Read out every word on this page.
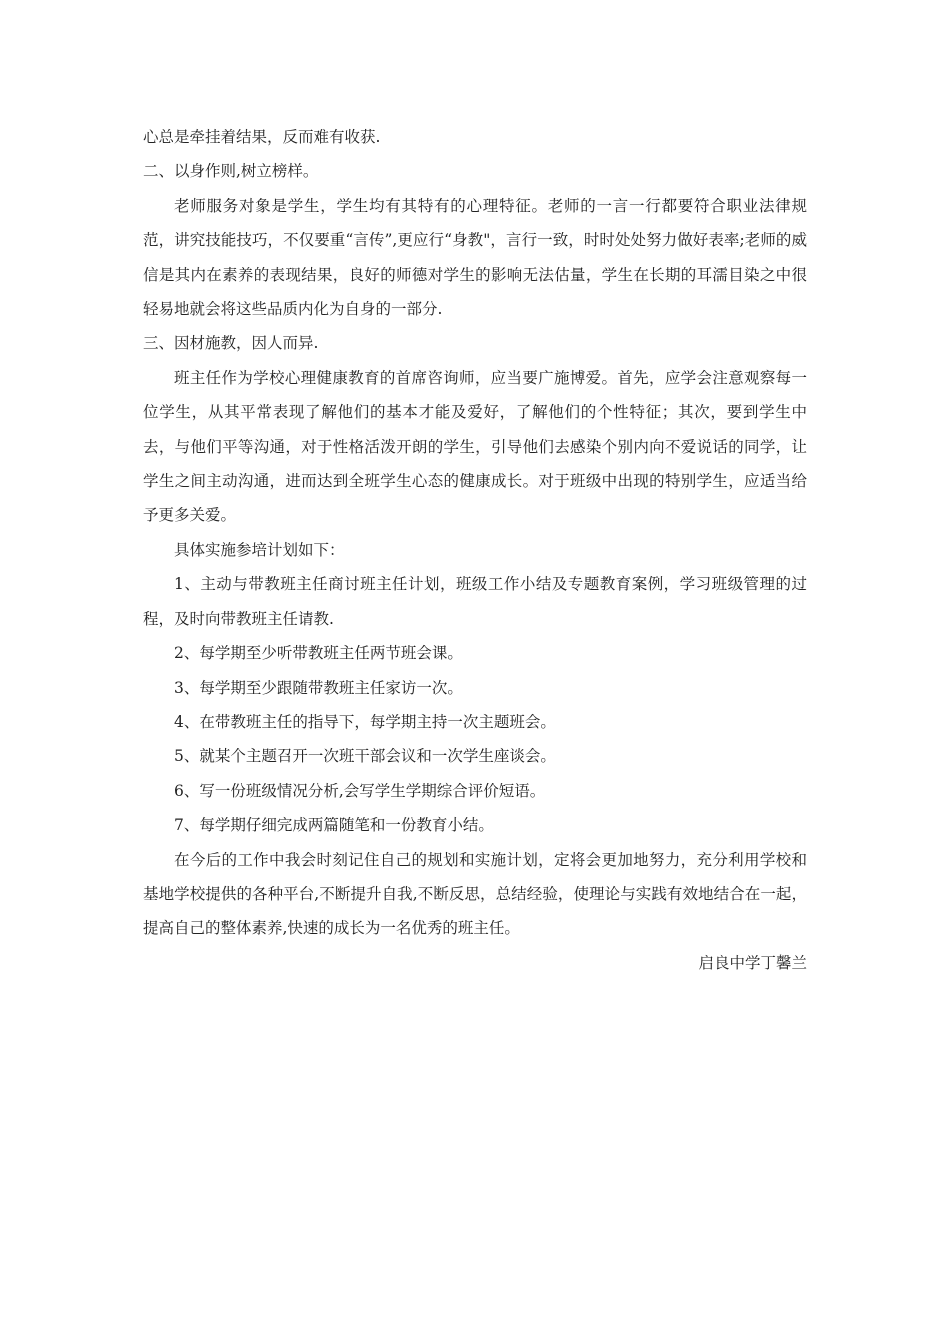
心总是牵挂着结果，反而难有收获.

二、以身作则,树立榜样。

老师服务对象是学生，学生均有其特有的心理特征。老师的一言一行都要符合职业法律规范，讲究技能技巧，不仅要重“言传”,更应行“身教"，言行一致，时时处处努力做好表率;老师的威信是其内在素养的表现结果，良好的师德对学生的影响无法估量，学生在长期的耳濡目染之中很轻易地就会将这些品质内化为自身的一部分.

三、因材施教，因人而异.

班主任作为学校心理健康教育的首席咨询师，应当要广施博爱。首先，应学会注意观察每一位学生，从其平常表现了解他们的基本才能及爱好，了解他们的个性特征；其次，要到学生中去，与他们平等沟通，对于性格活泼开朗的学生，引导他们去感染个别内向不爱说话的同学，让学生之间主动沟通，进而达到全班学生心态的健康成长。对于班级中出现的特别学生，应适当给予更多关爱。

具体实施参培计划如下：

1、主动与带教班主任商讨班主任计划，班级工作小结及专题教育案例，学习班级管理的过程，及时向带教班主任请教.

2、每学期至少听带教班主任两节班会课。

3、每学期至少跟随带教班主任家访一次。

4、在带教班主任的指导下，每学期主持一次主题班会。

5、就某个主题召开一次班干部会议和一次学生座谈会。

6、写一份班级情况分析,会写学生学期综合评价短语。

7、每学期仔细完成两篇随笔和一份教育小结。

在今后的工作中我会时刻记住自己的规划和实施计划，定将会更加地努力，充分利用学校和基地学校提供的各种平台,不断提升自我,不断反思，总结经验，使理论与实践有效地结合在一起，提高自己的整体素养,快速的成长为一名优秀的班主任。

启良中学丁馨兰
